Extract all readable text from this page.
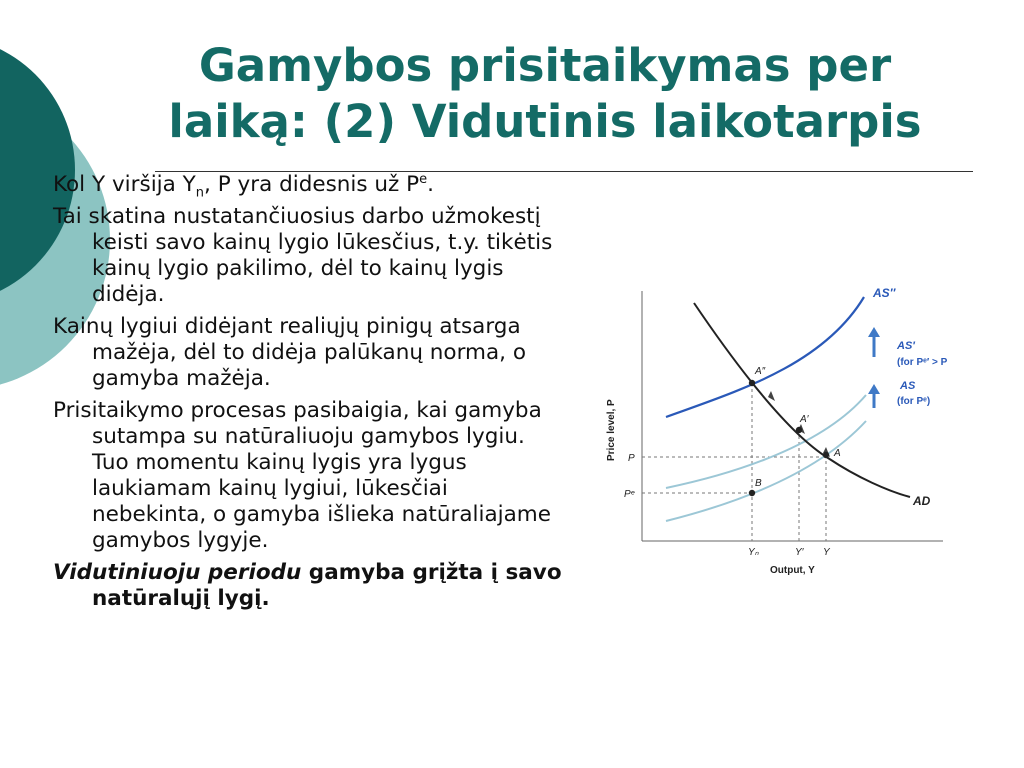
Gamybos prisitaikymas per
laiką: (2) Vidutinis laikotarpis

Kol Y viršija $Y_n$, P yra didesnis už $P^e$.

Tai skatina nustatančiuosius darbo užmokestį keisti savo kainų lygio lūkesčius, t.y. tikėtis kainų lygio pakilimo, dėl to kainų lygis didėja.

Kainų lygiui didėjant realiųjų pinigų atsarga mažėja, dėl to didėja palūkanų norma, o gamyba mažėja.

Prisitaikymo procesas pasibaigia, kai gamyba sutampa su natūraliuoju gamybos lygiu. Tuo momentu kainų lygis yra lygus laukiamam kainų lygiui, lūkesčiai nebekinta, o gamyba išlieka natūraliajame gamybos lygyje.

Vidutiniuoju periodu gamyba grįžta į savo natūralųjį lygį.

AS″
AS′
(for Pᵉ′ > P
AS
(for Pᵉ)
AD
A″
A′
A
B
P
Pᵉ
Yₙ	Y′ Y
Output, Y
Price level, P
